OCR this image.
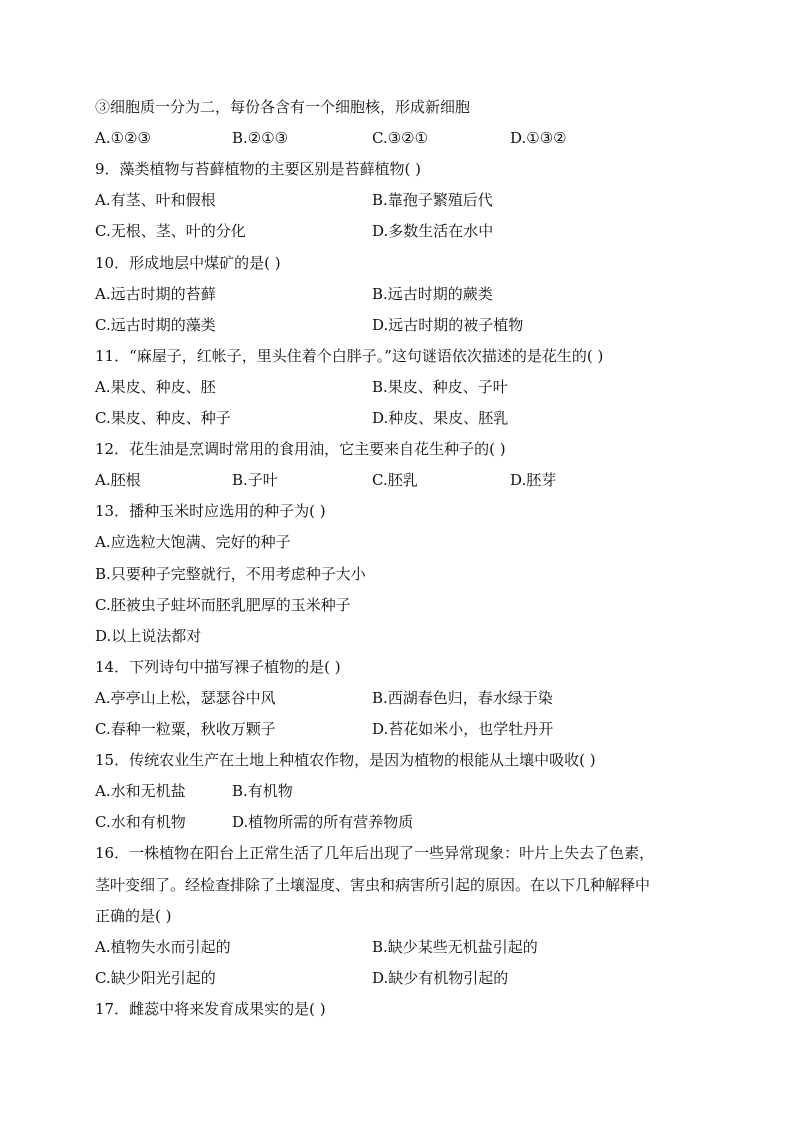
③细胞质一分为二，每份各含有一个细胞核，形成新细胞
A.①②③	B.②①③	C.③②①	D.①③②
9．藻类植物与苔藓植物的主要区别是苔藓植物( )
A.有茎、叶和假根	B.靠孢子繁殖后代
C.无根、茎、叶的分化	D.多数生活在水中
10．形成地层中煤矿的是( )
A.远古时期的苔藓	B.远古时期的蕨类
C.远古时期的藻类	D.远古时期的被子植物
11．“麻屋子，红帐子，里头住着个白胖子。”这句谜语依次描述的是花生的( )
A.果皮、种皮、胚	B.果皮、种皮、子叶
C.果皮、种皮、种子	D.种皮、果皮、胚乳
12．花生油是烹调时常用的食用油，它主要来自花生种子的( )
A.胚根	B.子叶	C.胚乳	D.胚芽
13．播种玉米时应选用的种子为( )
A.应选粒大饱满、完好的种子
B.只要种子完整就行，不用考虑种子大小
C.胚被虫子蛀坏而胚乳肥厚的玉米种子
D.以上说法都对
14．下列诗句中描写裸子植物的是( )
A.亭亭山上松，瑟瑟谷中风	B.西湖春色归，春水绿于染
C.春种一粒粟，秋收万颗子	D.苔花如米小，也学牡丹开
15．传统农业生产在土地上种植农作物，是因为植物的根能从土壤中吸收( )
A.水和无机盐	B.有机物
C.水和有机物	D.植物所需的所有营养物质
16．一株植物在阳台上正常生活了几年后出现了一些异常现象：叶片上失去了色素，
茎叶变细了。经检查排除了土壤湿度、害虫和病害所引起的原因。在以下几种解释中
正确的是( )
A.植物失水而引起的	B.缺少某些无机盐引起的
C.缺少阳光引起的	D.缺少有机物引起的
17．雌蕊中将来发育成果实的是( )
